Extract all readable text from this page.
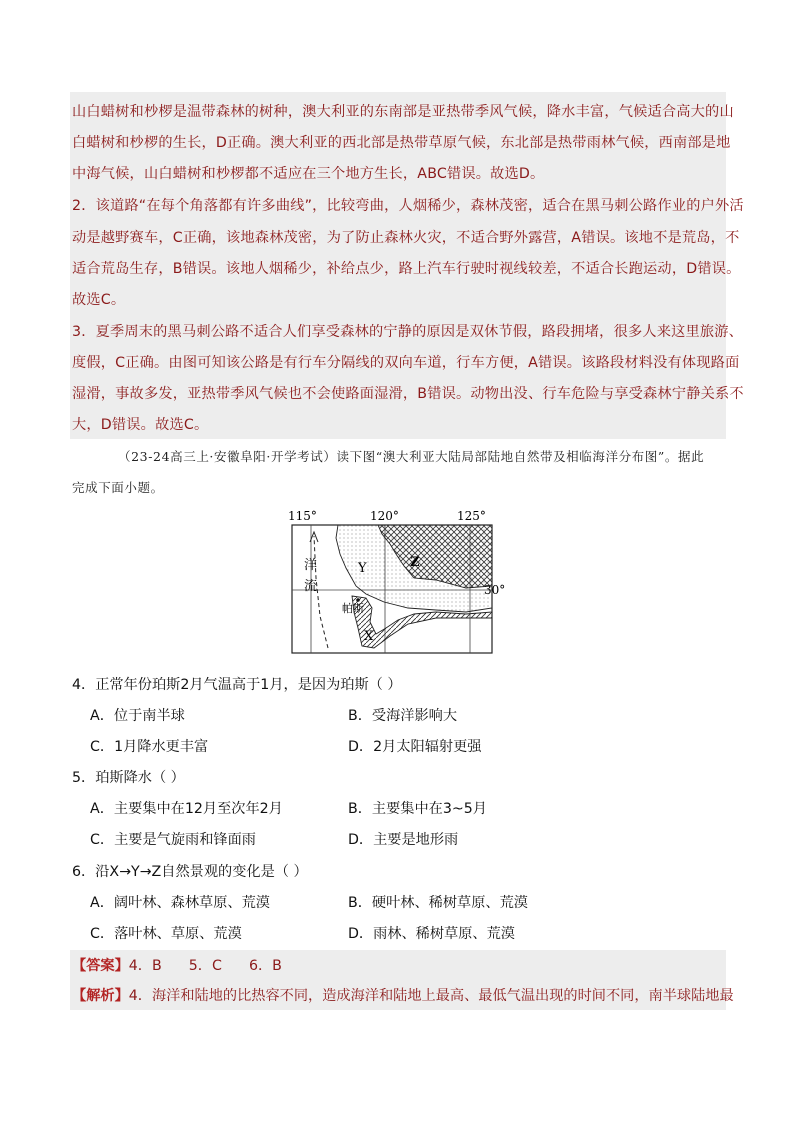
山白蜡树和杪椤是温带森林的树种，澳大利亚的东南部是亚热带季风气候，降水丰富，气候适合高大的山
白蜡树和杪椤的生长，D正确。澳大利亚的西北部是热带草原气候，东北部是热带雨林气候，西南部是地
中海气候，山白蜡树和杪椤都不适应在三个地方生长，ABC错误。故选D。
2．该道路“在每个角落都有许多曲线”，比较弯曲，人烟稀少，森林茂密，适合在黑马刺公路作业的户外活
动是越野赛车，C正确，该地森林茂密，为了防止森林火灾，不适合野外露营，A错误。该地不是荒岛，不
适合荒岛生存，B错误。该地人烟稀少，补给点少，路上汽车行驶时视线较差，不适合长跑运动，D错误。
故选C。
3．夏季周末的黑马刺公路不适合人们享受森林的宁静的原因是双休节假，路段拥堵，很多人来这里旅游、
度假，C正确。由图可知该公路是有行车分隔线的双向车道，行车方便，A错误。该路段材料没有体现路面
湿滑，事故多发，亚热带季风气候也不会使路面湿滑，B错误。动物出没、行车危险与享受森林宁静关系不
大，D错误。故选C。
（23-24高三上·安徽阜阳·开学考试）读下图“澳大利亚大陆局部陆地自然带及相临海洋分布图”。据此
完成下面小题。
115°	120°	125°
30°
洋
流
帕斯
X
Y	Z
4．正常年份珀斯2月气温高于1月，是因为珀斯（ ）
A．位于南半球	B．受海洋影响大
C．1月降水更丰富	D．2月太阳辐射更强
5．珀斯降水（ ）
A．主要集中在12月至次年2月	B．主要集中在3~5月
C．主要是气旋雨和锋面雨	D．主要是地形雨
6．沿X→Y→Z自然景观的变化是（ ）
A．阔叶林、森林草原、荒漠	B．硬叶林、稀树草原、荒漠
C．落叶林、草原、荒漠	D．雨林、稀树草原、荒漠
【答案】4．B      5．C      6．B
【解析】4．海洋和陆地的比热容不同，造成海洋和陆地上最高、最低气温出现的时间不同，南半球陆地最
